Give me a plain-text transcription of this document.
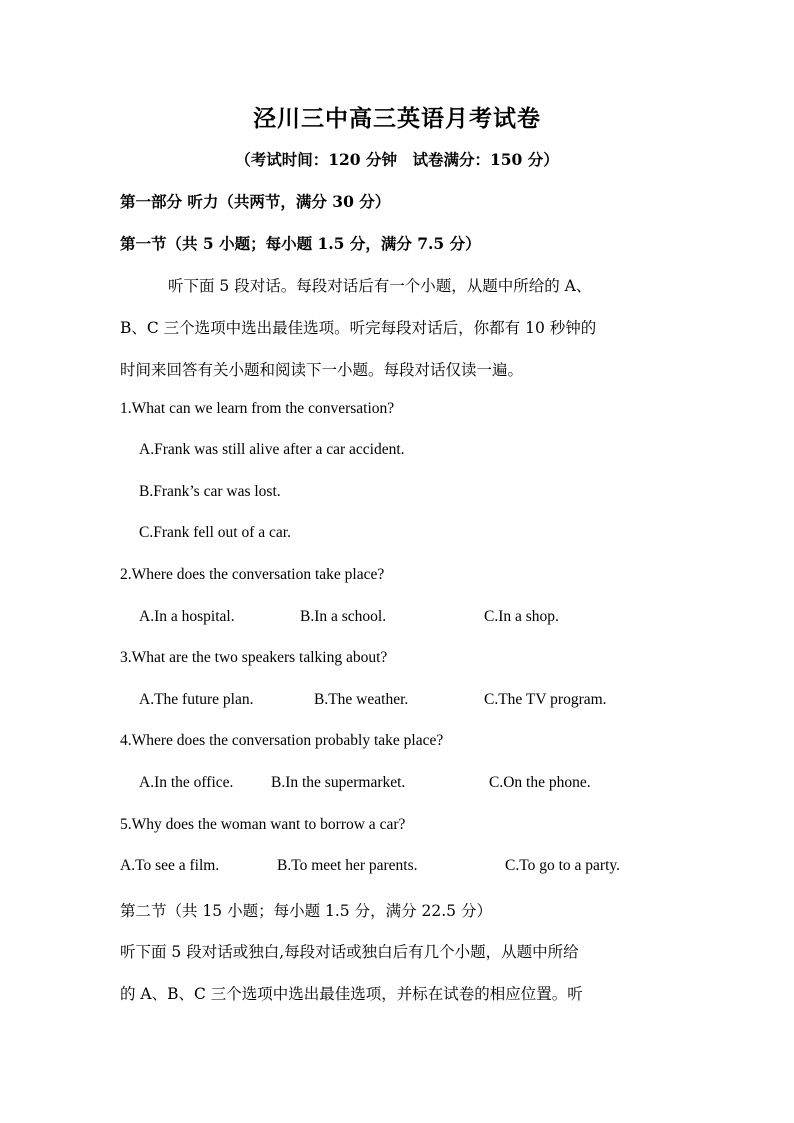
泾川三中高三英语月考试卷
（考试时间：120 分钟　试卷满分：150 分）
第一部分 听力（共两节，满分 30 分）
第一节（共 5 小题；每小题 1.5 分，满分 7.5 分）
听下面 5 段对话。每段对话后有一个小题，从题中所给的 A、
B、C 三个选项中选出最佳选项。听完每段对话后，你都有 10 秒钟的
时间来回答有关小题和阅读下一小题。每段对话仅读一遍。
1.What can we learn from the conversation?
A.Frank was still alive after a car accident.
B.Frank’s car was lost.
C.Frank fell out of a car.
2.Where does the conversation take place?
A.In a hospital.	B.In a school.	C.In a shop.
3.What are the two speakers talking about?
A.The future plan.	B.The weather.	C.The TV program.
4.Where does the conversation probably take place?
A.In the office. B.In the supermarket.	C.On the phone.
5.Why does the woman want to borrow a car?
A.To see a film.	B.To meet her parents.	C.To go to a party.
第二节（共 15 小题；每小题 1.5 分，满分 22.5 分）
听下面 5 段对话或独白,每段对话或独白后有几个小题，从题中所给
的 A、B、C 三个选项中选出最佳选项，并标在试卷的相应位置。听
